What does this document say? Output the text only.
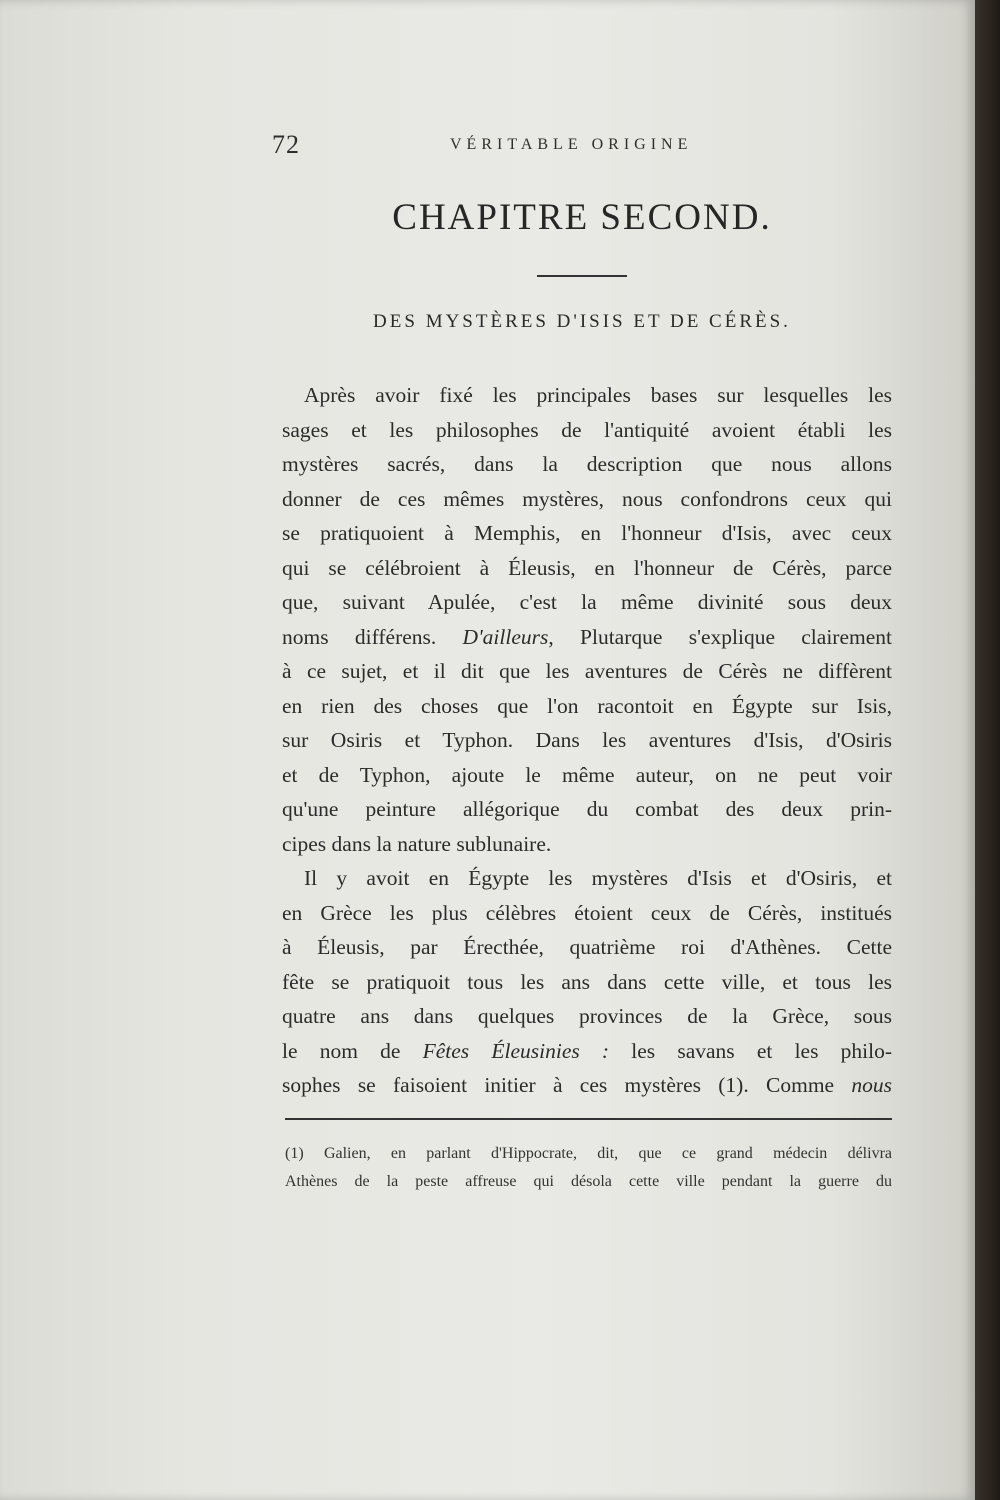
72	VÉRITABLE ORIGINE
CHAPITRE SECOND.
DES MYSTÈRES D'ISIS ET DE CÉRÈS.
Après avoir fixé les principales bases sur lesquelles les
sages et les philosophes de l'antiquité avoient établi les
mystères sacrés, dans la description que nous allons
donner de ces mêmes mystères, nous confondrons ceux qui
se pratiquoient à Memphis, en l'honneur d'Isis, avec ceux
qui se célébroient à Éleusis, en l'honneur de Cérès, parce
que, suivant Apulée, c'est la même divinité sous deux
noms différens. D'ailleurs, Plutarque s'explique clairement
à ce sujet, et il dit que les aventures de Cérès ne diffèrent
en rien des choses que l'on racontoit en Égypte sur Isis,
sur Osiris et Typhon. Dans les aventures d'Isis, d'Osiris
et de Typhon, ajoute le même auteur, on ne peut voir
qu'une peinture allégorique du combat des deux prin-
cipes dans la nature sublunaire.
Il y avoit en Égypte les mystères d'Isis et d'Osiris, et
en Grèce les plus célèbres étoient ceux de Cérès, institués
à Éleusis, par Érecthée, quatrième roi d'Athènes. Cette
fête se pratiquoit tous les ans dans cette ville, et tous les
quatre ans dans quelques provinces de la Grèce, sous
le nom de Fêtes Éleusinies : les savans et les philo-
sophes se faisoient initier à ces mystères (1). Comme nous
(1) Galien, en parlant d'Hippocrate, dit, que ce grand médecin délivra
Athènes de la peste affreuse qui désola cette ville pendant la guerre du
